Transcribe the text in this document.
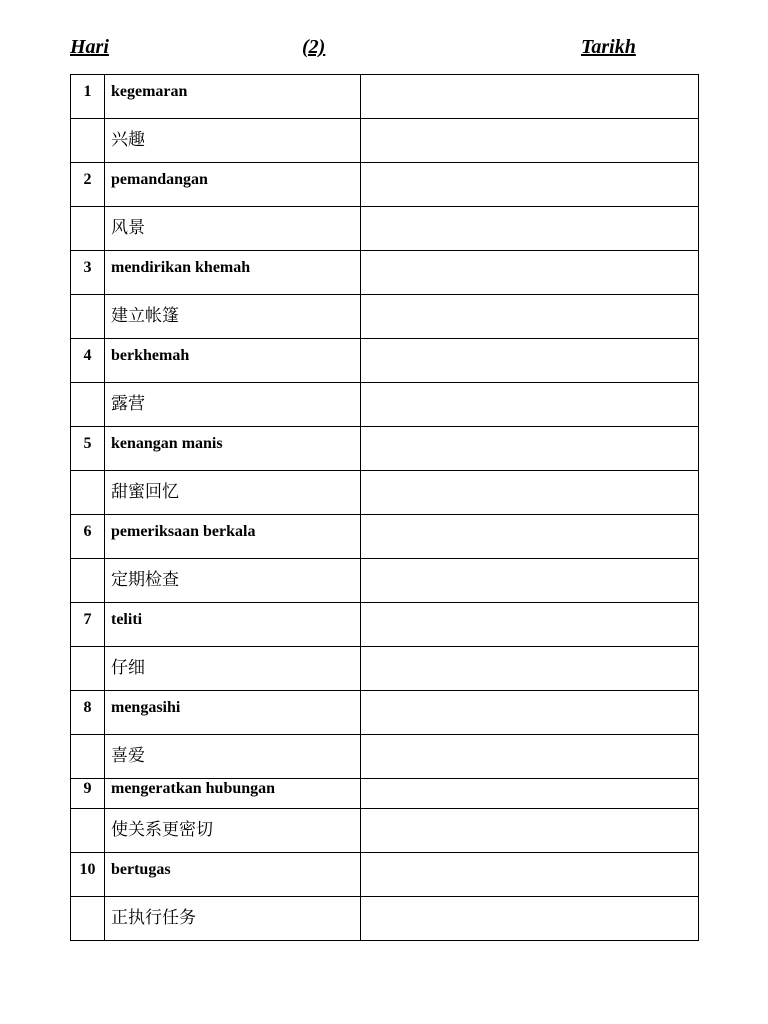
Hari	(2)	Tarikh
1	kegemaran	

	兴趣	

2	pemandangan	

	风景	

3	mendirikan khemah	

	建立帐篷	

4	berkhemah	

	露营	

5	kenangan manis	

	甜蜜回忆	

6	pemeriksaan berkala	

	定期检查	

7	teliti	

	仔细	

8	mengasihi	

	喜爱	

9	mengeratkan hubungan	

	使关系更密切	

10	bertugas	

	正执行任务	
